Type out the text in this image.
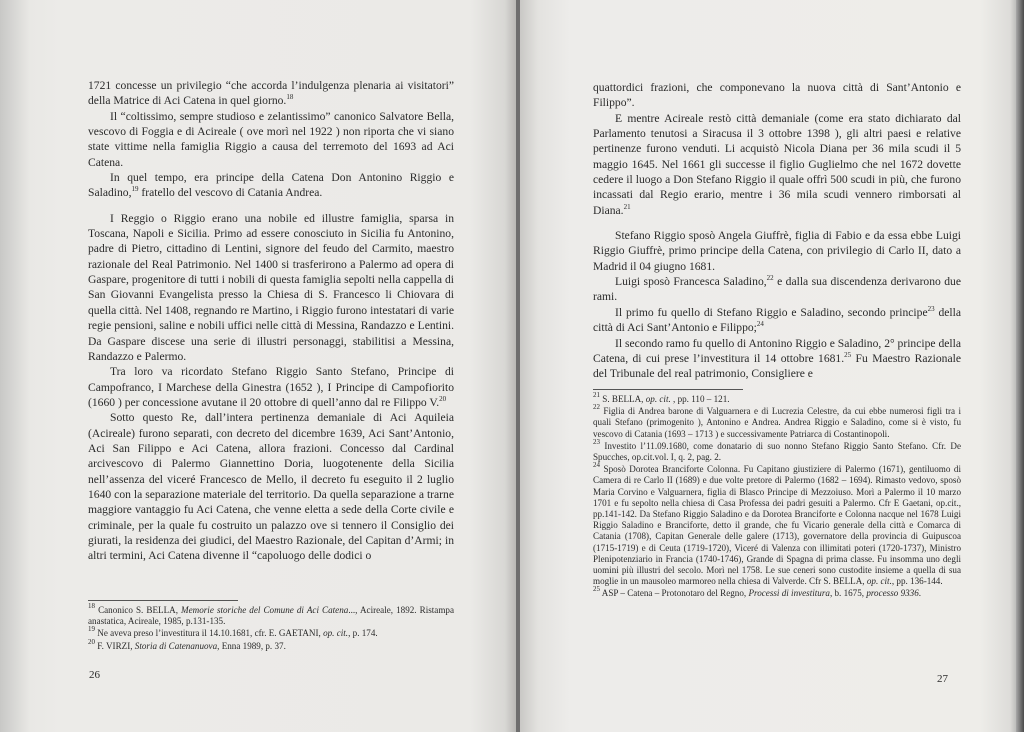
1721 concesse un privilegio “che accorda l’indulgenza plenaria ai visitatori” della Matrice di Aci Catena in quel giorno.$^{18}$

Il “coltissimo, sempre studioso e zelantissimo” canonico Salvatore Bella, vescovo di Foggia e di Acireale ( ove morì nel 1922 ) non riporta che vi siano state vittime nella famiglia Riggio a causa del terremoto del 1693 ad Aci Catena.

In quel tempo, era principe della Catena Don Antonino Riggio e Saladino,$^{19}$ fratello del vescovo di Catania Andrea.

I Reggio o Riggio erano una nobile ed illustre famiglia, sparsa in Toscana, Napoli e Sicilia. Primo ad essere conosciuto in Sicilia fu Antonino, padre di Pietro, cittadino di Lentini, signore del feudo del Carmito, maestro razionale del Real Patrimonio. Nel 1400 si trasferirono a Palermo ad opera di Gaspare, progenitore di tutti i nobili di questa famiglia sepolti nella cappella di San Giovanni Evangelista presso la Chiesa di S. Francesco li Chiovara di quella città. Nel 1408, regnando re Martino, i Riggio furono intestatari di varie regie pensioni, saline e nobili uffici nelle città di Messina, Randazzo e Lentini. Da Gaspare discese una serie di illustri personaggi, stabilitisi a Messina, Randazzo e Palermo.

Tra loro va ricordato Stefano Riggio Santo Stefano, Principe di Campofranco, I Marchese della Ginestra (1652 ), I Principe di Campofiorito (1660 ) per concessione avutane il 20 ottobre di quell’anno dal re Filippo V.$^{20}$

Sotto questo Re, dall’intera pertinenza demaniale di Aci Aquileia (Acireale) furono separati, con decreto del dicembre 1639, Aci Sant’Antonio, Aci San Filippo e Aci Catena, allora frazioni. Concesso dal Cardinal arcivescovo di Palermo Giannettino Doria, luogotenente della Sicilia nell’assenza del viceré Francesco de Mello, il decreto fu eseguito il 2 luglio 1640 con la separazione materiale del territorio. Da quella separazione a trarne maggiore vantaggio fu Aci Catena, che venne eletta a sede della Corte civile e criminale, per la quale fu costruito un palazzo ove si tennero il Consiglio dei giurati, la residenza dei giudici, del Maestro Razionale, del Capitan d’Armi; in altri termini, Aci Catena divenne il “capoluogo delle dodici o

$^{18}$ Canonico S. BELLA, Memorie storiche del Comune di Aci Catena..., Acireale, 1892. Ristampa anastatica, Acireale, 1985, p.131-135.

$^{19}$ Ne aveva preso l’investitura il 14.10.1681, cfr. E. GAETANI, op. cit., p. 174.

$^{20}$ F. VIRZI, Storia di Catenanuova, Enna 1989, p. 37.

26

quattordici frazioni, che componevano la nuova città di Sant’Antonio e Filippo”.

E mentre Acireale restò città demaniale (come era stato dichiarato dal Parlamento tenutosi a Siracusa il 3 ottobre 1398 ), gli altri paesi e relative pertinenze furono venduti. Li acquistò Nicola Diana per 36 mila scudi il 5 maggio 1645. Nel 1661 gli successe il figlio Guglielmo che nel 1672 dovette cedere il luogo a Don Stefano Riggio il quale offrì 500 scudi in più, che furono incassati dal Regio erario, mentre i 36 mila scudi vennero rimborsati al Diana.$^{21}$

Stefano Riggio sposò Angela Giuffrè, figlia di Fabio e da essa ebbe Luigi Riggio Giuffrè, primo principe della Catena, con privilegio di Carlo II, dato a Madrid il 04 giugno 1681.

Luigi sposò Francesca Saladino,$^{22}$ e dalla sua discendenza derivarono due rami.

Il primo fu quello di Stefano Riggio e Saladino, secondo principe$^{23}$ della città di Aci Sant’Antonio e Filippo;$^{24}$

Il secondo ramo fu quello di Antonino Riggio e Saladino, 2° principe della Catena, di cui prese l’investitura il 14 ottobre 1681.25 Fu Maestro Razionale del Tribunale del real patrimonio, Consigliere e

$^{21}$ S. BELLA, op. cit. , pp. 110 – 121.

$^{22}$ Figlia di Andrea barone di Valguarnera e di Lucrezia Celestre, da cui ebbe numerosi figli tra i quali Stefano (primogenito ), Antonino e Andrea. Andrea Riggio e Saladino, come si è visto, fu vescovo di Catania (1693 – 1713 ) e successivamente Patriarca di Costantinopoli.

$^{23}$ Investito l’11.09.1680, come donatario di suo nonno Stefano Riggio Santo Stefano. Cfr. De Spucches, op.cit.vol. I, q. 2, pag. 2.

$^{24}$ Sposò Dorotea Branciforte Colonna. Fu Capitano giustiziere di Palermo (1671), gentiluomo di Camera di re Carlo II (1689) e due volte pretore di Palermo (1682 – 1694). Rimasto vedovo, sposò Maria Corvino e Valguarnera, figlia di Blasco Principe di Mezzoiuso. Morì a Palermo il 10 marzo 1701 e fu sepolto nella chiesa di Casa Professa dei padri gesuiti a Palermo. Cfr E Gaetani, op.cit., pp.141-142. Da Stefano Riggio Saladino e da Dorotea Branciforte e Colonna nacque nel 1678 Luigi Riggio Saladino e Branciforte, detto il grande, che fu Vicario generale della città e Comarca di Catania (1708), Capitan Generale delle galere (1713), governatore della provincia di Guipuscoa (1715-1719) e di Ceuta (1719-1720), Viceré di Valenza con illimitati poteri (1720-1737), Ministro Plenipotenziario in Francia (1740-1746), Grande di Spagna di prima classe. Fu insomma uno degli uomini più illustri del secolo. Morì nel 1758. Le sue ceneri sono custodite insieme a quella di sua moglie in un mausoleo marmoreo nella chiesa di Valverde. Cfr S. BELLA, op. cit., pp. 136-144.

$^{25}$ ASP – Catena – Protonotaro del Regno, Processi di investitura, b. 1675, processo 9336.

27
